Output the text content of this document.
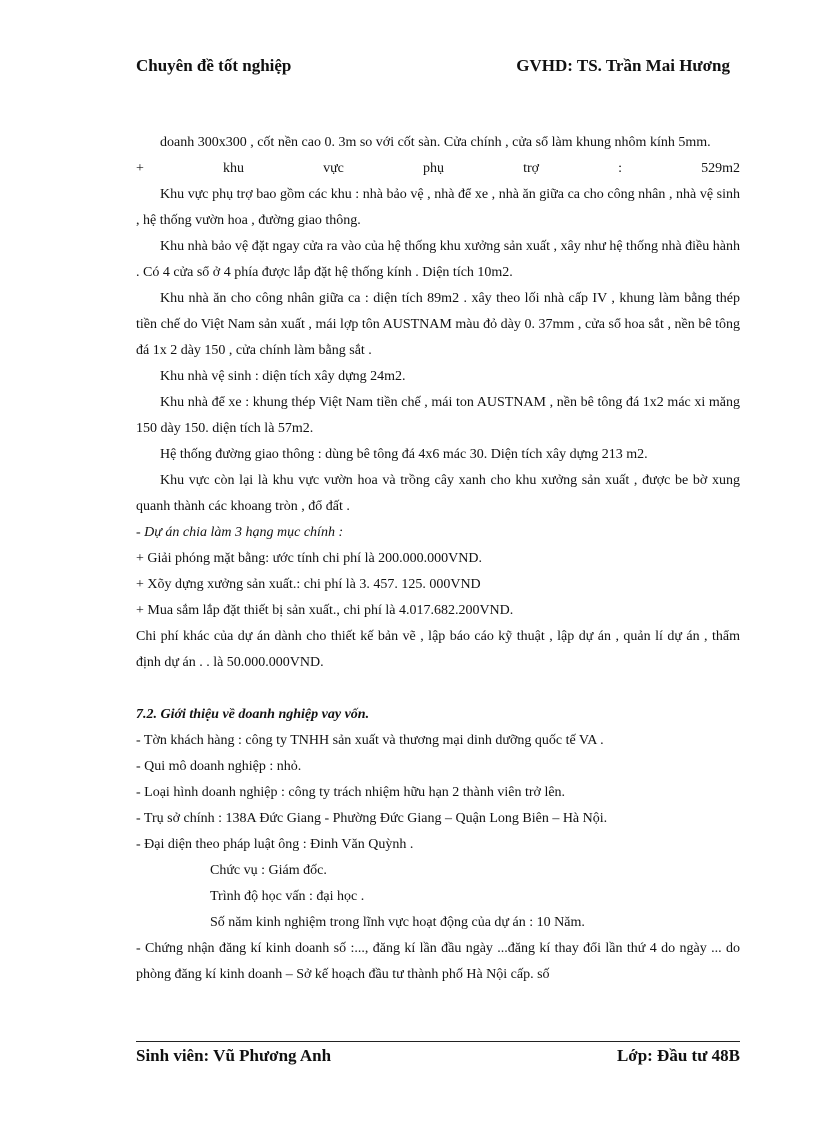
Chuyên đề tốt nghiệp	GVHD: TS. Trần Mai Hương

doanh 300x300 , cốt nền cao 0. 3m so với cốt sàn. Cửa chính , cửa sổ làm khung nhôm kính 5mm.

+ khu vực phụ trợ : 529m2

Khu vực phụ trợ bao gồm các khu : nhà bảo vệ , nhà để xe , nhà ăn giữa ca cho công nhân , nhà vệ sinh , hệ thống vườn hoa , đường giao thông.

Khu nhà bảo vệ đặt ngay cửa ra vào của hệ thống khu xưởng sản xuất , xây như hệ thống nhà điều hành . Có 4 cửa sổ ở 4 phía được lắp đặt hệ thống kính . Diện tích 10m2.

Khu nhà ăn cho công nhân giữa ca : diện tích 89m2 . xây theo lối nhà cấp IV , khung làm bằng thép tiền chế do Việt Nam sản xuất , mái lợp tôn AUSTNAM màu đỏ dày 0. 37mm , cửa sổ hoa sắt , nền bê tông đá 1x 2 dày 150 , cửa chính làm bằng sắt .

Khu nhà vệ sinh : diện tích xây dựng 24m2.

Khu nhà để xe : khung thép Việt Nam tiền chế , mái ton AUSTNAM , nền bê tông đá 1x2 mác xi măng 150 dày 150. diện tích là 57m2.

Hệ thống đường giao thông : dùng bê tông đá 4x6 mác 30. Diện tích xây dựng 213 m2.

Khu vực còn lại là khu vực vườn hoa và trồng cây xanh cho khu xưởng sản xuất , được be bờ xung quanh thành các khoang tròn , đổ đất .

- Dự án chia làm 3 hạng mục chính :

+ Giải phóng mặt bằng: ước tính chi phí là 200.000.000VND.

+ Xõy dựng xưởng sản xuất.: chi phí là 3. 457. 125. 000VND

+ Mua sắm lắp đặt thiết bị sản xuất., chi phí là 4.017.682.200VND.

Chi phí khác của dự án dành cho thiết kế bản vẽ , lập báo cáo kỹ thuật , lập dự án , quản lí dự án , thẩm định dự án . . là 50.000.000VND.

7.2. Giới thiệu về doanh nghiệp vay vốn.

- Tờn khách hàng : công ty TNHH sản xuất và thương mại dinh dưỡng quốc tế VA .

- Qui mô doanh nghiệp : nhỏ.

- Loại hình doanh nghiệp : công ty trách nhiệm hữu hạn 2 thành viên trở lên.

- Trụ sở chính : 138A Đức Giang - Phường Đức Giang – Quận Long Biên – Hà Nội.

- Đại diện theo pháp luật ông : Đinh Văn Quỳnh .

Chức vụ : Giám đốc.

Trình độ học vấn : đại học .

Số năm kinh nghiệm trong lĩnh vực hoạt động của dự án : 10 Năm.

- Chứng nhận đăng kí kinh doanh số :..., đăng kí lần đầu ngày ...đăng kí thay đổi lần thứ 4 do ngày ... do phòng đăng kí kinh doanh – Sở kế hoạch đầu tư thành phố Hà Nội cấp. số

Sinh viên: Vũ Phương Anh	Lớp: Đầu tư 48B
